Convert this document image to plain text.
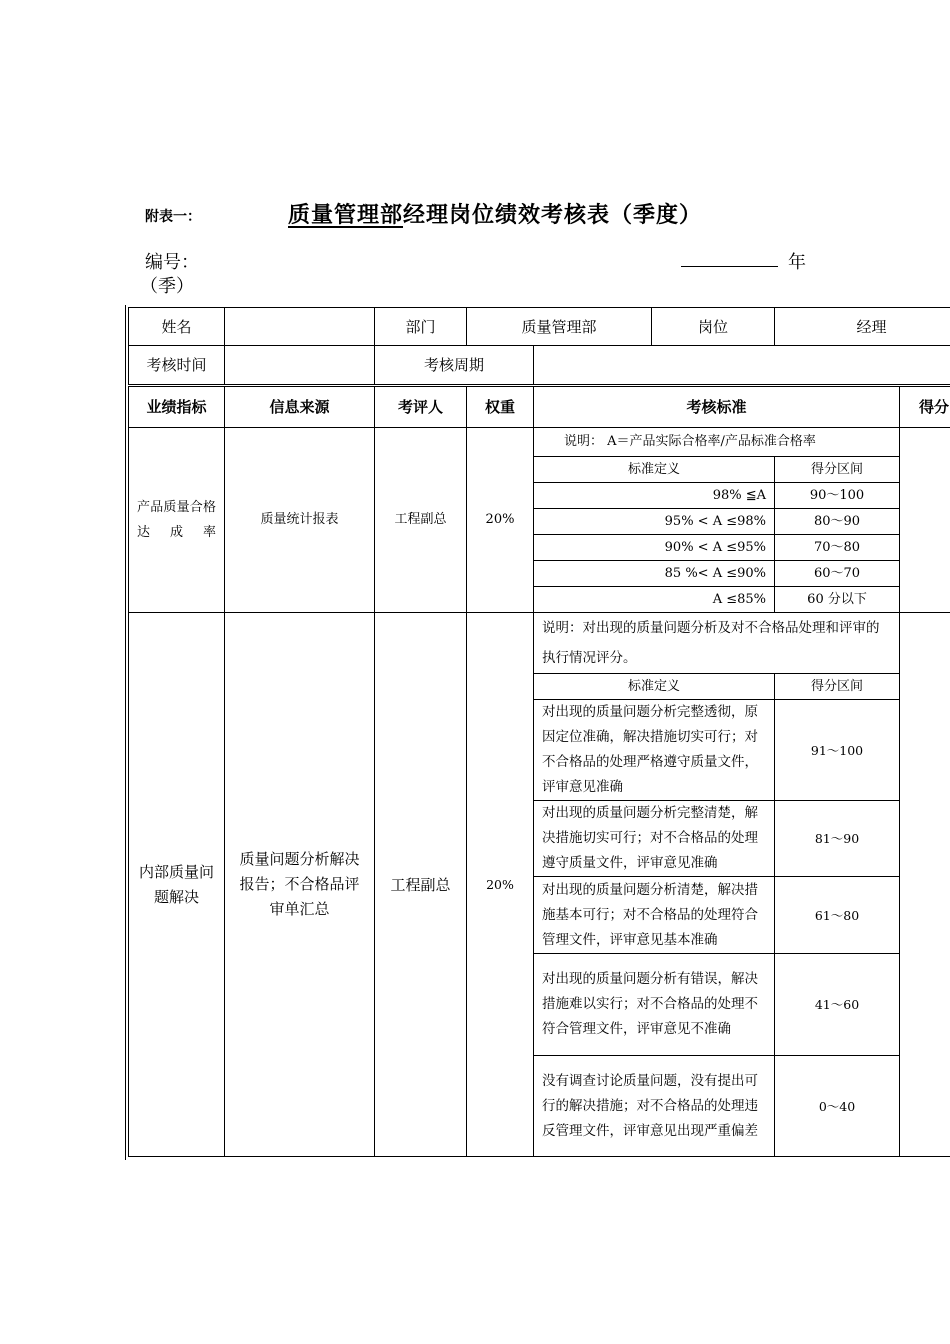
附表一：	质量管理部经理岗位绩效考核表（季度）
编号：	年
（季）
姓名		部门	质量管理部		岗位	经理	
考核时间		考核周期					
业绩指标	信息来源	考评人	权重	考核标准			得分
产品质量合格达成率	质量统计报表	工程副总	20%	说明： A＝产品实际合格率/产品标准合格率			
				标准定义		得分区间	
				98% ≦A		90～100	
				95% < A ≤98%		80～90	
				90% < A ≤95%		70～80	
				85 %< A ≤90%		60～70	
				A ≤85%		60 分以下	
内部质量问题解决	质量问题分析解决报告；不合格品评审单汇总	工程副总	20%	说明：对出现的质量问题分析及对不合格品处理和评审的执行情况评分。			
				标准定义		得分区间	
				对出现的质量问题分析完整透彻，原因定位准确，解决措施切实可行；对不合格品的处理严格遵守质量文件，评审意见准确		91～100	
				对出现的质量问题分析完整清楚，解决措施切实可行；对不合格品的处理遵守质量文件，评审意见准确		81～90	
				对出现的质量问题分析清楚，解决措施基本可行；对不合格品的处理符合管理文件，评审意见基本准确		61～80	
				对出现的质量问题分析有错误，解决措施难以实行；对不合格品的处理不符合管理文件，评审意见不准确		41～60	
				没有调查讨论质量问题，没有提出可行的解决措施；对不合格品的处理违反管理文件，评审意见出现严重偏差		0～40	
